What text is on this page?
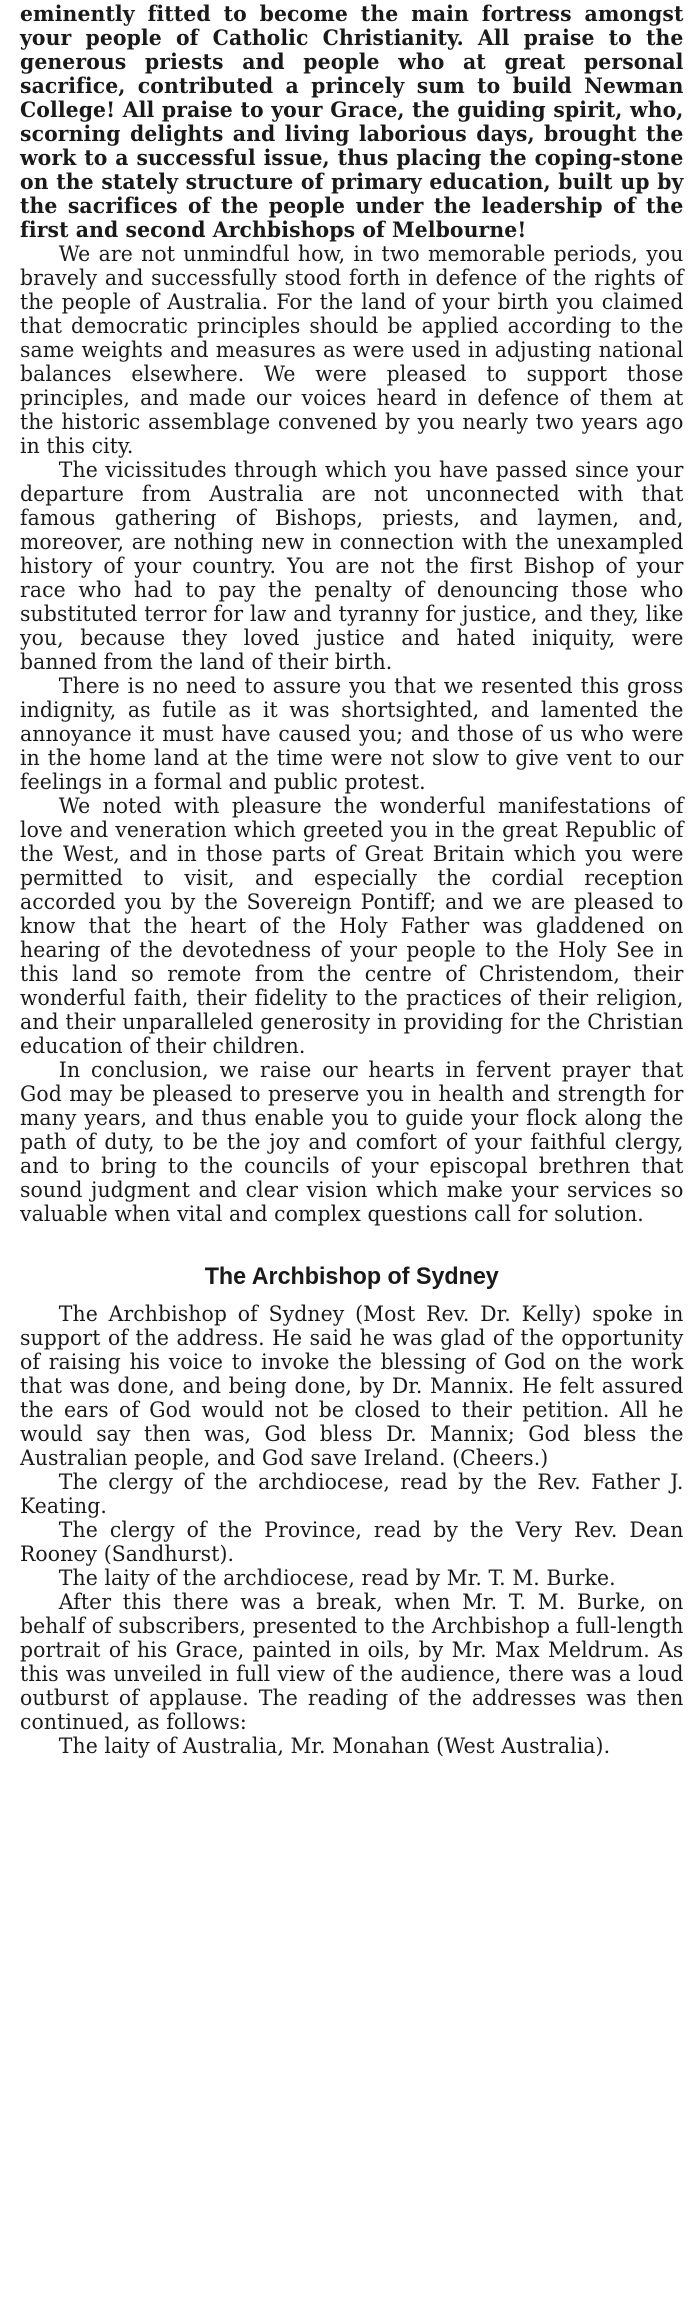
eminently fitted to become the main fortress amongst your people of Catholic Christianity. All praise to the generous priests and people who at great personal sacrifice, contributed a princely sum to build Newman College! All praise to your Grace, the guiding spirit, who, scorning delights and living laborious days, brought the work to a successful issue, thus placing the coping-stone on the stately structure of primary education, built up by the sacrifices of the people under the leadership of the first and second Archbishops of Melbourne!

We are not unmindful how, in two memorable periods, you bravely and successfully stood forth in defence of the rights of the people of Australia. For the land of your birth you claimed that democratic principles should be applied according to the same weights and measures as were used in adjusting national balances elsewhere. We were pleased to support those principles, and made our voices heard in defence of them at the historic assemblage convened by you nearly two years ago in this city.

The vicissitudes through which you have passed since your departure from Australia are not unconnected with that famous gathering of Bishops, priests, and laymen, and, moreover, are nothing new in connection with the unexampled history of your country. You are not the first Bishop of your race who had to pay the penalty of denouncing those who substituted terror for law and tyranny for justice, and they, like you, because they loved justice and hated iniquity, were banned from the land of their birth.

There is no need to assure you that we resented this gross indignity, as futile as it was shortsighted, and lamented the annoyance it must have caused you; and those of us who were in the home land at the time were not slow to give vent to our feelings in a formal and public protest.

We noted with pleasure the wonderful manifestations of love and veneration which greeted you in the great Republic of the West, and in those parts of Great Britain which you were permitted to visit, and especially the cordial reception accorded you by the Sovereign Pontiff; and we are pleased to know that the heart of the Holy Father was gladdened on hearing of the devotedness of your people to the Holy See in this land so remote from the centre of Christendom, their wonderful faith, their fidelity to the practices of their religion, and their unparalleled generosity in providing for the Christian education of their children.

In conclusion, we raise our hearts in fervent prayer that God may be pleased to preserve you in health and strength for many years, and thus enable you to guide your flock along the path of duty, to be the joy and comfort of your faithful clergy, and to bring to the councils of your episcopal brethren that sound judgment and clear vision which make your services so valuable when vital and complex questions call for solution.

The Archbishop of Sydney

The Archbishop of Sydney (Most Rev. Dr. Kelly) spoke in support of the address. He said he was glad of the opportunity of raising his voice to invoke the blessing of God on the work that was done, and being done, by Dr. Mannix. He felt assured the ears of God would not be closed to their petition. All he would say then was, God bless Dr. Mannix; God bless the Australian people, and God save Ireland. (Cheers.)

The clergy of the archdiocese, read by the Rev. Father J. Keating.

The clergy of the Province, read by the Very Rev. Dean Rooney (Sandhurst).

The laity of the archdiocese, read by Mr. T. M. Burke.

After this there was a break, when Mr. T. M. Burke, on behalf of subscribers, presented to the Archbishop a full-length portrait of his Grace, painted in oils, by Mr. Max Meldrum. As this was unveiled in full view of the audience, there was a loud outburst of applause. The reading of the addresses was then continued, as follows:

The laity of Australia, Mr. Monahan (West Australia).
